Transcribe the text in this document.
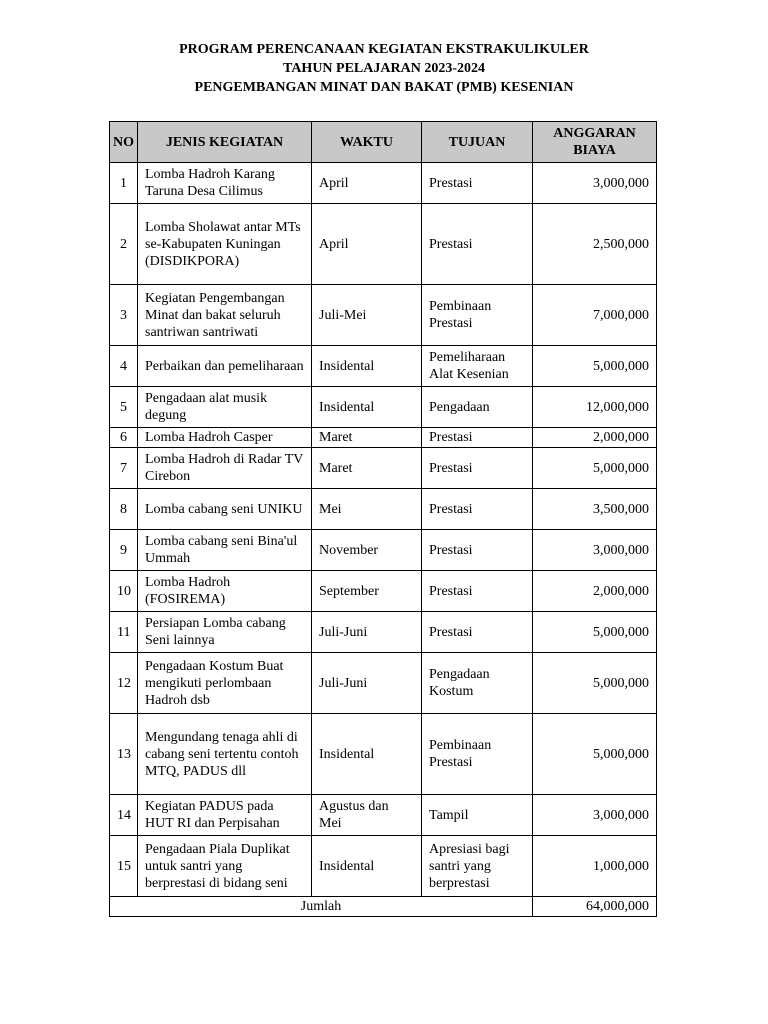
PROGRAM PERENCANAAN KEGIATAN EKSTRAKULIKULER
TAHUN PELAJARAN 2023-2024
PENGEMBANGAN MINAT DAN BAKAT (PMB) KESENIAN
NO	JENIS KEGIATAN	WAKTU	TUJUAN	ANGGARAN BIAYA
1	Lomba Hadroh Karang Taruna Desa Cilimus	April	Prestasi	3,000,000
2	Lomba Sholawat antar MTs se-Kabupaten Kuningan (DISDIKPORA)	April	Prestasi	2,500,000
3	Kegiatan Pengembangan Minat dan bakat seluruh santriwan santriwati	Juli-Mei	Pembinaan Prestasi	7,000,000
4	Perbaikan dan pemeliharaan	Insidental	Pemeliharaan Alat Kesenian	5,000,000
5	Pengadaan alat musik degung	Insidental	Pengadaan	12,000,000
6	Lomba Hadroh Casper	Maret	Prestasi	2,000,000
7	Lomba Hadroh di Radar TV Cirebon	Maret	Prestasi	5,000,000
8	Lomba cabang seni UNIKU	Mei	Prestasi	3,500,000
9	Lomba cabang seni Bina'ul Ummah	November	Prestasi	3,000,000
10	Lomba Hadroh (FOSIREMA)	September	Prestasi	2,000,000
11	Persiapan Lomba cabang Seni lainnya	Juli-Juni	Prestasi	5,000,000
12	Pengadaan Kostum Buat mengikuti perlombaan Hadroh dsb	Juli-Juni	Pengadaan Kostum	5,000,000
13	Mengundang tenaga ahli di cabang seni tertentu contoh MTQ, PADUS dll	Insidental	Pembinaan Prestasi	5,000,000
14	Kegiatan PADUS pada HUT RI dan Perpisahan	Agustus dan Mei	Tampil	3,000,000
15	Pengadaan Piala Duplikat untuk santri yang berprestasi di bidang seni	Insidental	Apresiasi bagi santri yang berprestasi	1,000,000
Jumlah				64,000,000
